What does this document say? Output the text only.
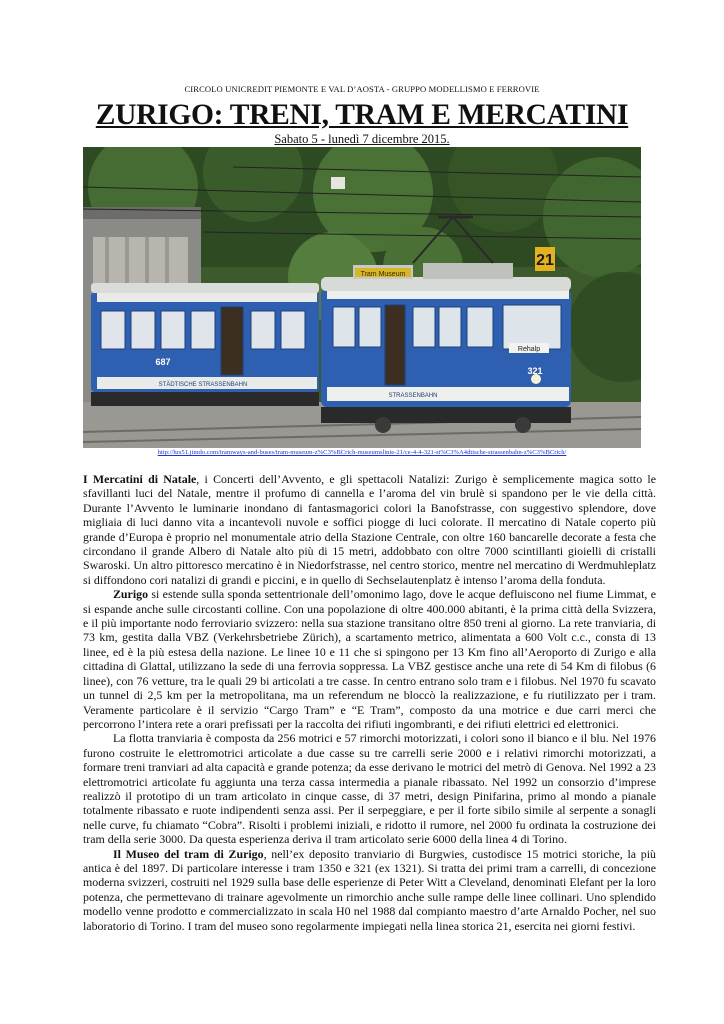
CIRCOLO UNICREDIT PIEMONTE E VAL D’AOSTA - GRUPPO MODELLISMO E FERROVIE
ZURIGO: TRENI, TRAM E MERCATINI
Sabato 5 - lunedì 7 dicembre 2015.
21
Tram Museum
Rehalp
321
687
STÄDTISCHE STRASSENBAHN
STRASSENBAHN
http://hrs51.jimdo.com/tramways-and-buses/tram-museum-z%C3%BCrich-museumslinie-21/ce-4-4-321-st%C3%A4dtische-strassenbahn-z%C3%BCrich/

I Mercatini di Natale, i Concerti dell’Avvento, e gli spettacoli Natalizi: Zurigo è semplicemente magica sotto le sfavillanti luci del Natale, mentre il profumo di cannella e l’aroma del vin brulè si spandono per le vie della città. Durante l’Avvento le luminarie inondano di fantasmagorici colori la Banofstrasse, con suggestivo splendore, dove migliaia di luci danno vita a incantevoli nuvole e soffici piogge di luci colorate. Il mercatino di Natale coperto più grande d’Europa è proprio nel monumentale atrio della Stazione Centrale, con oltre 160 bancarelle decorate a festa che circondano il grande Albero di Natale alto più di 15 metri, addobbato con oltre 7000 scintillanti gioielli di cristalli Swaroski. Un altro pittoresco mercatino è in Niedorfstrasse, nel centro storico, mentre nel mercatino di Werdmuhleplatz si diffondono cori natalizi di grandi e piccini, e in quello di Sechselautenplatz è intenso l’aroma della fonduta.

Zurigo si estende sulla sponda settentrionale dell’omonimo lago, dove le acque defluiscono nel fiume Limmat, e si espande anche sulle circostanti colline. Con una popolazione di oltre 400.000 abitanti, è la prima città della Svizzera, e il più importante nodo ferroviario svizzero: nella sua stazione transitano oltre 850 treni al giorno. La rete tranviaria, di 73 km, gestita dalla VBZ (Verkehrsbetriebe Zürich), a scartamento metrico, alimentata a 600 Volt c.c., consta di 13 linee, ed è la più estesa della nazione. Le linee 10 e 11 che si spingono per 13 Km fino all’Aeroporto di Zurigo e alla cittadina di Glattal, utilizzano la sede di una ferrovia soppressa. La VBZ gestisce anche una rete di 54 Km di filobus (6 linee), con 76 vetture, tra le quali 29 bi articolati a tre casse. In centro entrano solo tram e i filobus. Nel 1970 fu scavato un tunnel di 2,5 km per la metropolitana, ma un referendum ne bloccò la realizzazione, e fu riutilizzato per i tram. Veramente particolare è il servizio “Cargo Tram” e “E Tram”, composto da una motrice e due carri merci che percorrono l’intera rete a orari prefissati per la raccolta dei rifiuti ingombranti, e dei rifiuti elettrici ed elettronici.

La flotta tranviaria è composta da 256 motrici e 57 rimorchi motorizzati, i colori sono il bianco e il blu. Nel 1976 furono costruite le elettromotrici articolate a due casse su tre carrelli serie 2000 e i relativi rimorchi motorizzati, a formare treni tranviari ad alta capacità e grande potenza; da esse derivano le motrici del metrò di Genova. Nel 1992 a 23 elettromotrici articolate fu aggiunta una terza cassa intermedia a pianale ribassato. Nel 1992 un consorzio d’imprese realizzò il prototipo di un tram articolato in cinque casse, di 37 metri, design Pinifarina, primo al mondo a pianale totalmente ribassato e ruote indipendenti senza assi. Per il serpeggiare, e per il forte sibilo simile al serpente a sonagli nelle curve, fu chiamato “Cobra”. Risolti i problemi iniziali, e ridotto il rumore, nel 2000 fu ordinata la costruzione dei tram della serie 3000. Da questa esperienza deriva il tram articolato serie 6000 della linea 4 di Torino.

Il Museo del tram di Zurigo, nell’ex deposito tranviario di Burgwies, custodisce 15 motrici storiche, la più antica è del 1897. Di particolare interesse i tram 1350 e 321 (ex 1321). Si tratta dei primi tram a carrelli, di concezione moderna svizzeri, costruiti nel 1929 sulla base delle esperienze di Peter Witt a Cleveland, denominati Elefant per la loro potenza, che permettevano di trainare agevolmente un rimorchio anche sulle rampe delle linee collinari. Uno splendido modello venne prodotto e commercializzato in scala H0 nel 1988 dal compianto maestro d’arte Arnaldo Pocher, nel suo laboratorio di Torino. I tram del museo sono regolarmente impiegati nella linea storica 21, esercita nei giorni festivi.
